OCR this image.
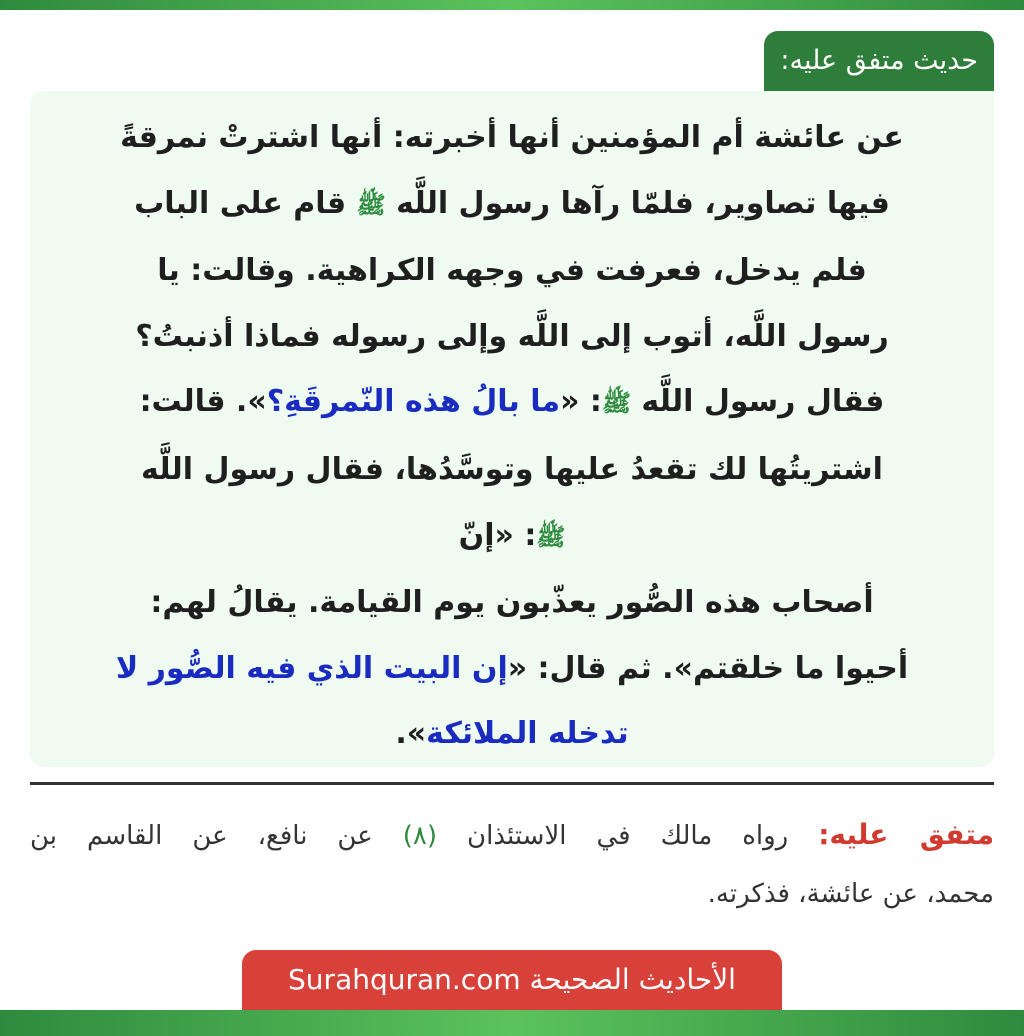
حديث متفق عليه:
عن عائشة أم المؤمنين أنها أخبرته: أنها اشترتْ نمرقةً
فيها تصاوير، فلمّا رآها رسول اللَّه ﷺ قام على الباب
فلم يدخل، فعرفت في وجهه الكراهية. وقالت: يا
رسول اللَّه، أتوب إلى اللَّه وإلى رسوله فماذا أذنبتُ؟
فقال رسول اللَّه ﷺ: «ما بالُ هذه النّمرقَةِ؟». قالت:
اشتريتُها لك تقعدُ عليها وتوسَّدُها، فقال رسول اللَّه
ﷺ: «إنّ
أصحاب هذه الصُّور يعذّبون يوم القيامة. يقالُ لهم:
أحيوا ما خلقتم». ثم قال: «إن البيت الذي فيه الصُّور لا
تدخله الملائكة».
متفق عليه: رواه مالك في الاستئذان (٨) عن نافع، عن القاسم بن
محمد، عن عائشة، فذكرته.
الأحاديث الصحيحة Surahquran.com
